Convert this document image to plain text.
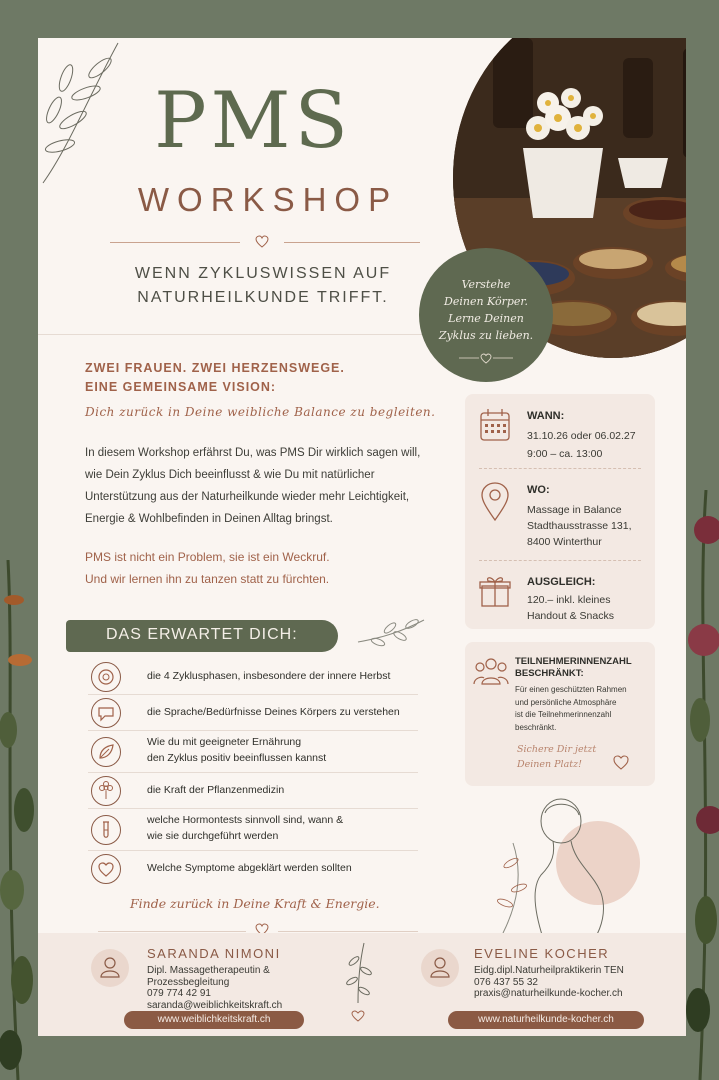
PMS
WORKSHOP
WENN ZYKLUSWISSEN AUF
NATURHEILKUNDE TRIFFT.
Verstehe
Deinen Körper.
Lerne Deinen
Zyklus zu lieben.
ZWEI FRAUEN. ZWEI HERZENSWEGE.
EINE GEMEINSAME VISION:
Dich zurück in Deine weibliche Balance zu begleiten.
In diesem Workshop erfährst Du, was PMS Dir wirklich sagen will,
wie Dein Zyklus Dich beeinflusst & wie Du mit natürlicher
Unterstützung aus der Naturheilkunde wieder mehr Leichtigkeit,
Energie & Wohlbefinden in Deinen Alltag bringst.
PMS ist nicht ein Problem, sie ist ein Weckruf.
Und wir lernen ihn zu tanzen statt zu fürchten.
WANN:
31.10.26 oder 06.02.27
9:00 – ca. 13:00
WO:
Massage in Balance
Stadthausstrasse 131,
8400 Winterthur
AUSGLEICH:
120.– inkl. kleines
Handout & Snacks
TEILNEHMERINNENZAHL
BESCHRÄNKT:
Für einen geschützten Rahmen
und persönliche Atmosphäre
ist die Teilnehmerinnenzahl
beschränkt.
Sichere Dir jetzt
Deinen Platz!
DAS ERWARTET DICH:
die 4 Zyklusphasen, insbesondere der innere Herbst
die Sprache/Bedürfnisse Deines Körpers zu verstehen
Wie du mit geeigneter Ernährung
den Zyklus positiv beeinflussen kannst
die Kraft der Pflanzenmedizin
welche Hormontests sinnvoll sind, wann &
wie sie durchgeführt werden
Welche Symptome abgeklärt werden sollten
Finde zurück in Deine Kraft & Energie.
SARANDA NIMONI
Dipl. Massagetherapeutin &
Prozessbegleitung
079 774 42 91
saranda@weiblichkeitskraft.ch
www.weiblichkeitskraft.ch
EVELINE KOCHER
Eidg.dipl.Naturheilpraktikerin TEN
076 437 55 32
praxis@naturheilkunde-kocher.ch
www.naturheilkunde-kocher.ch
